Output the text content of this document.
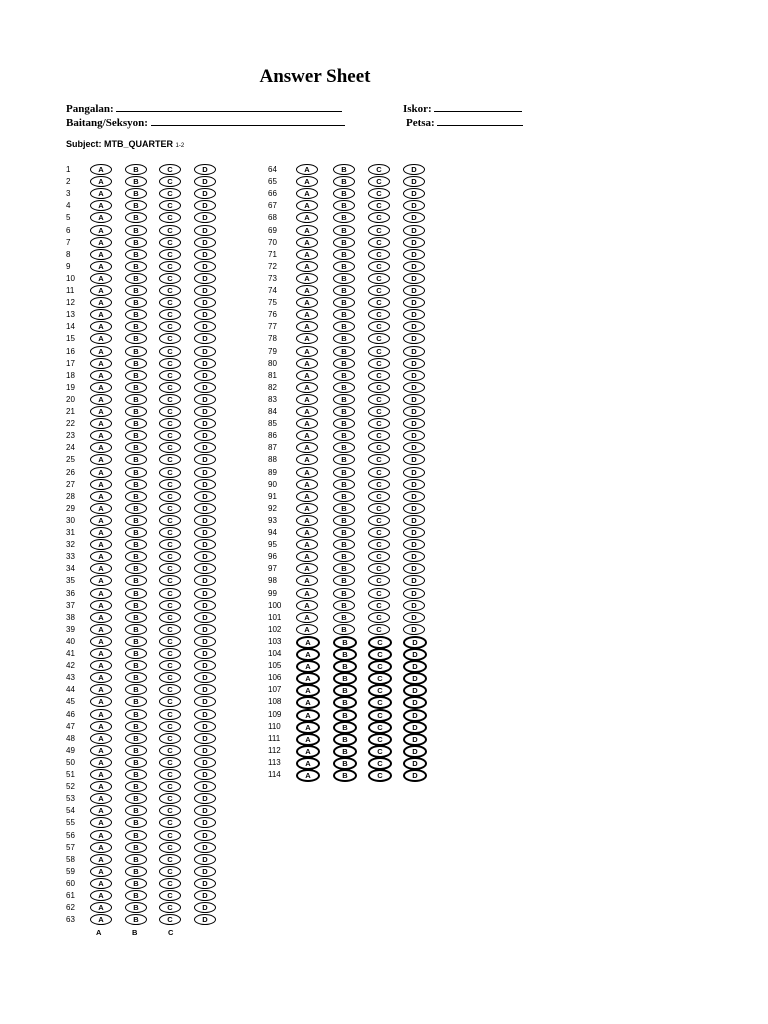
Answer Sheet
Pangalan:
Baitang/Seksyon:
Iskor:
Petsa:
Subject: MTB_QUARTER 1-2
1	A	B	C	D
2	A	B	C	D
3	A	B	C	D
4	A	B	C	D
5	A	B	C	D
6	A	B	C	D
7	A	B	C	D
8	A	B	C	D
9	A	B	C	D
10	A	B	C	D
11	A	B	C	D
12	A	B	C	D
13	A	B	C	D
14	A	B	C	D
15	A	B	C	D
16	A	B	C	D
17	A	B	C	D
18	A	B	C	D
19	A	B	C	D
20	A	B	C	D
21	A	B	C	D
22	A	B	C	D
23	A	B	C	D
24	A	B	C	D
25	A	B	C	D
26	A	B	C	D
27	A	B	C	D
28	A	B	C	D
29	A	B	C	D
30	A	B	C	D
31	A	B	C	D
32	A	B	C	D
33	A	B	C	D
34	A	B	C	D
35	A	B	C	D
36	A	B	C	D
37	A	B	C	D
38	A	B	C	D
39	A	B	C	D
40	A	B	C	D
41	A	B	C	D
42	A	B	C	D
43	A	B	C	D
44	A	B	C	D
45	A	B	C	D
46	A	B	C	D
47	A	B	C	D
48	A	B	C	D
49	A	B	C	D
50	A	B	C	D
51	A	B	C	D
52	A	B	C	D
53	A	B	C	D
54	A	B	C	D
55	A	B	C	D
56	A	B	C	D
57	A	B	C	D
58	A	B	C	D
59	A	B	C	D
60	A	B	C	D
61	A	B	C	D
62	A	B	C	D
63	A	B	C	D
64	A	B	C	D
65	A	B	C	D
66	A	B	C	D
67	A	B	C	D
68	A	B	C	D
69	A	B	C	D
70	A	B	C	D
71	A	B	C	D
72	A	B	C	D
73	A	B	C	D
74	A	B	C	D
75	A	B	C	D
76	A	B	C	D
77	A	B	C	D
78	A	B	C	D
79	A	B	C	D
80	A	B	C	D
81	A	B	C	D
82	A	B	C	D
83	A	B	C	D
84	A	B	C	D
85	A	B	C	D
86	A	B	C	D
87	A	B	C	D
88	A	B	C	D
89	A	B	C	D
90	A	B	C	D
91	A	B	C	D
92	A	B	C	D
93	A	B	C	D
94	A	B	C	D
95	A	B	C	D
96	A	B	C	D
97	A	B	C	D
98	A	B	C	D
99	A	B	C	D
100	A	B	C	D
101	A	B	C	D
102	A	B	C	D
103	A	B	C	D
104	A	B	C	D
105	A	B	C	D
106	A	B	C	D
107	A	B	C	D
108	A	B	C	D
109	A	B	C	D
110	A	B	C	D
111	A	B	C	D
112	A	B	C	D
113	A	B	C	D
114	A	B	C	D
A	B	C
